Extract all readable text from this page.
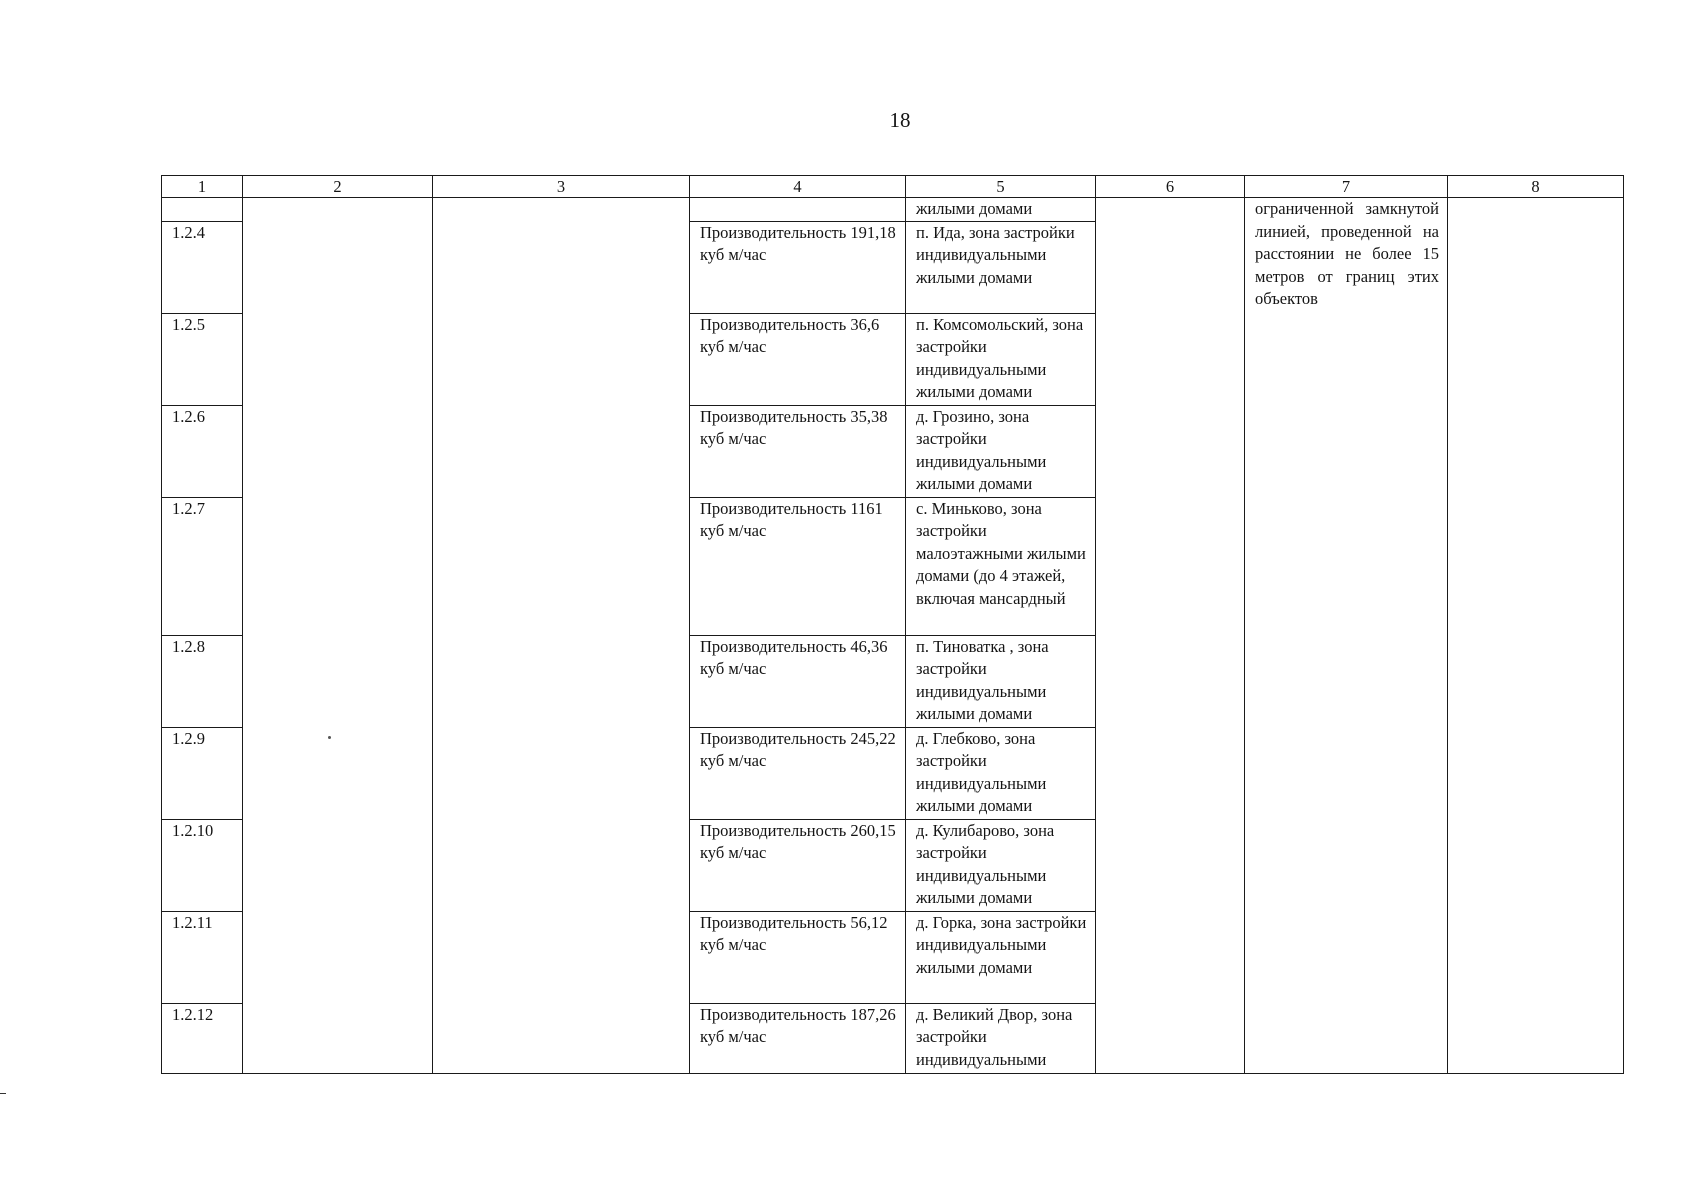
18
1	2	3	4	5	6	7	8
				жилыми домами		ограниченной замкнутой линией, проведенной на расстоянии не более 15 метров от границ этих объектов	
1.2.4			Производительность 191,18 куб м/час	п. Ида, зона застройки индивидуальными жилыми домами			
1.2.5			Производительность 36,6 куб м/час	п. Комсомольский, зона застройки индивидуальными жилыми домами			
1.2.6			Производительность 35,38 куб м/час	д. Грозино, зона застройки индивидуальными жилыми домами			
1.2.7			Производительность 1161 куб м/час	с. Миньково, зона застройки малоэтажными жилыми домами (до 4 этажей, включая мансардный			
1.2.8			Производительность 46,36 куб м/час	п. Тиноватка , зона застройки индивидуальными жилыми домами			
1.2.9			Производительность 245,22 куб м/час	д. Глебково, зона застройки индивидуальными жилыми домами			
1.2.10			Производительность 260,15 куб м/час	д. Кулибарово, зона застройки индивидуальными жилыми домами			
1.2.11			Производительность 56,12 куб м/час	д. Горка, зона застройки индивидуальными жилыми домами			
1.2.12			Производительность 187,26 куб м/час	д. Великий Двор, зона застройки индивидуальными			
